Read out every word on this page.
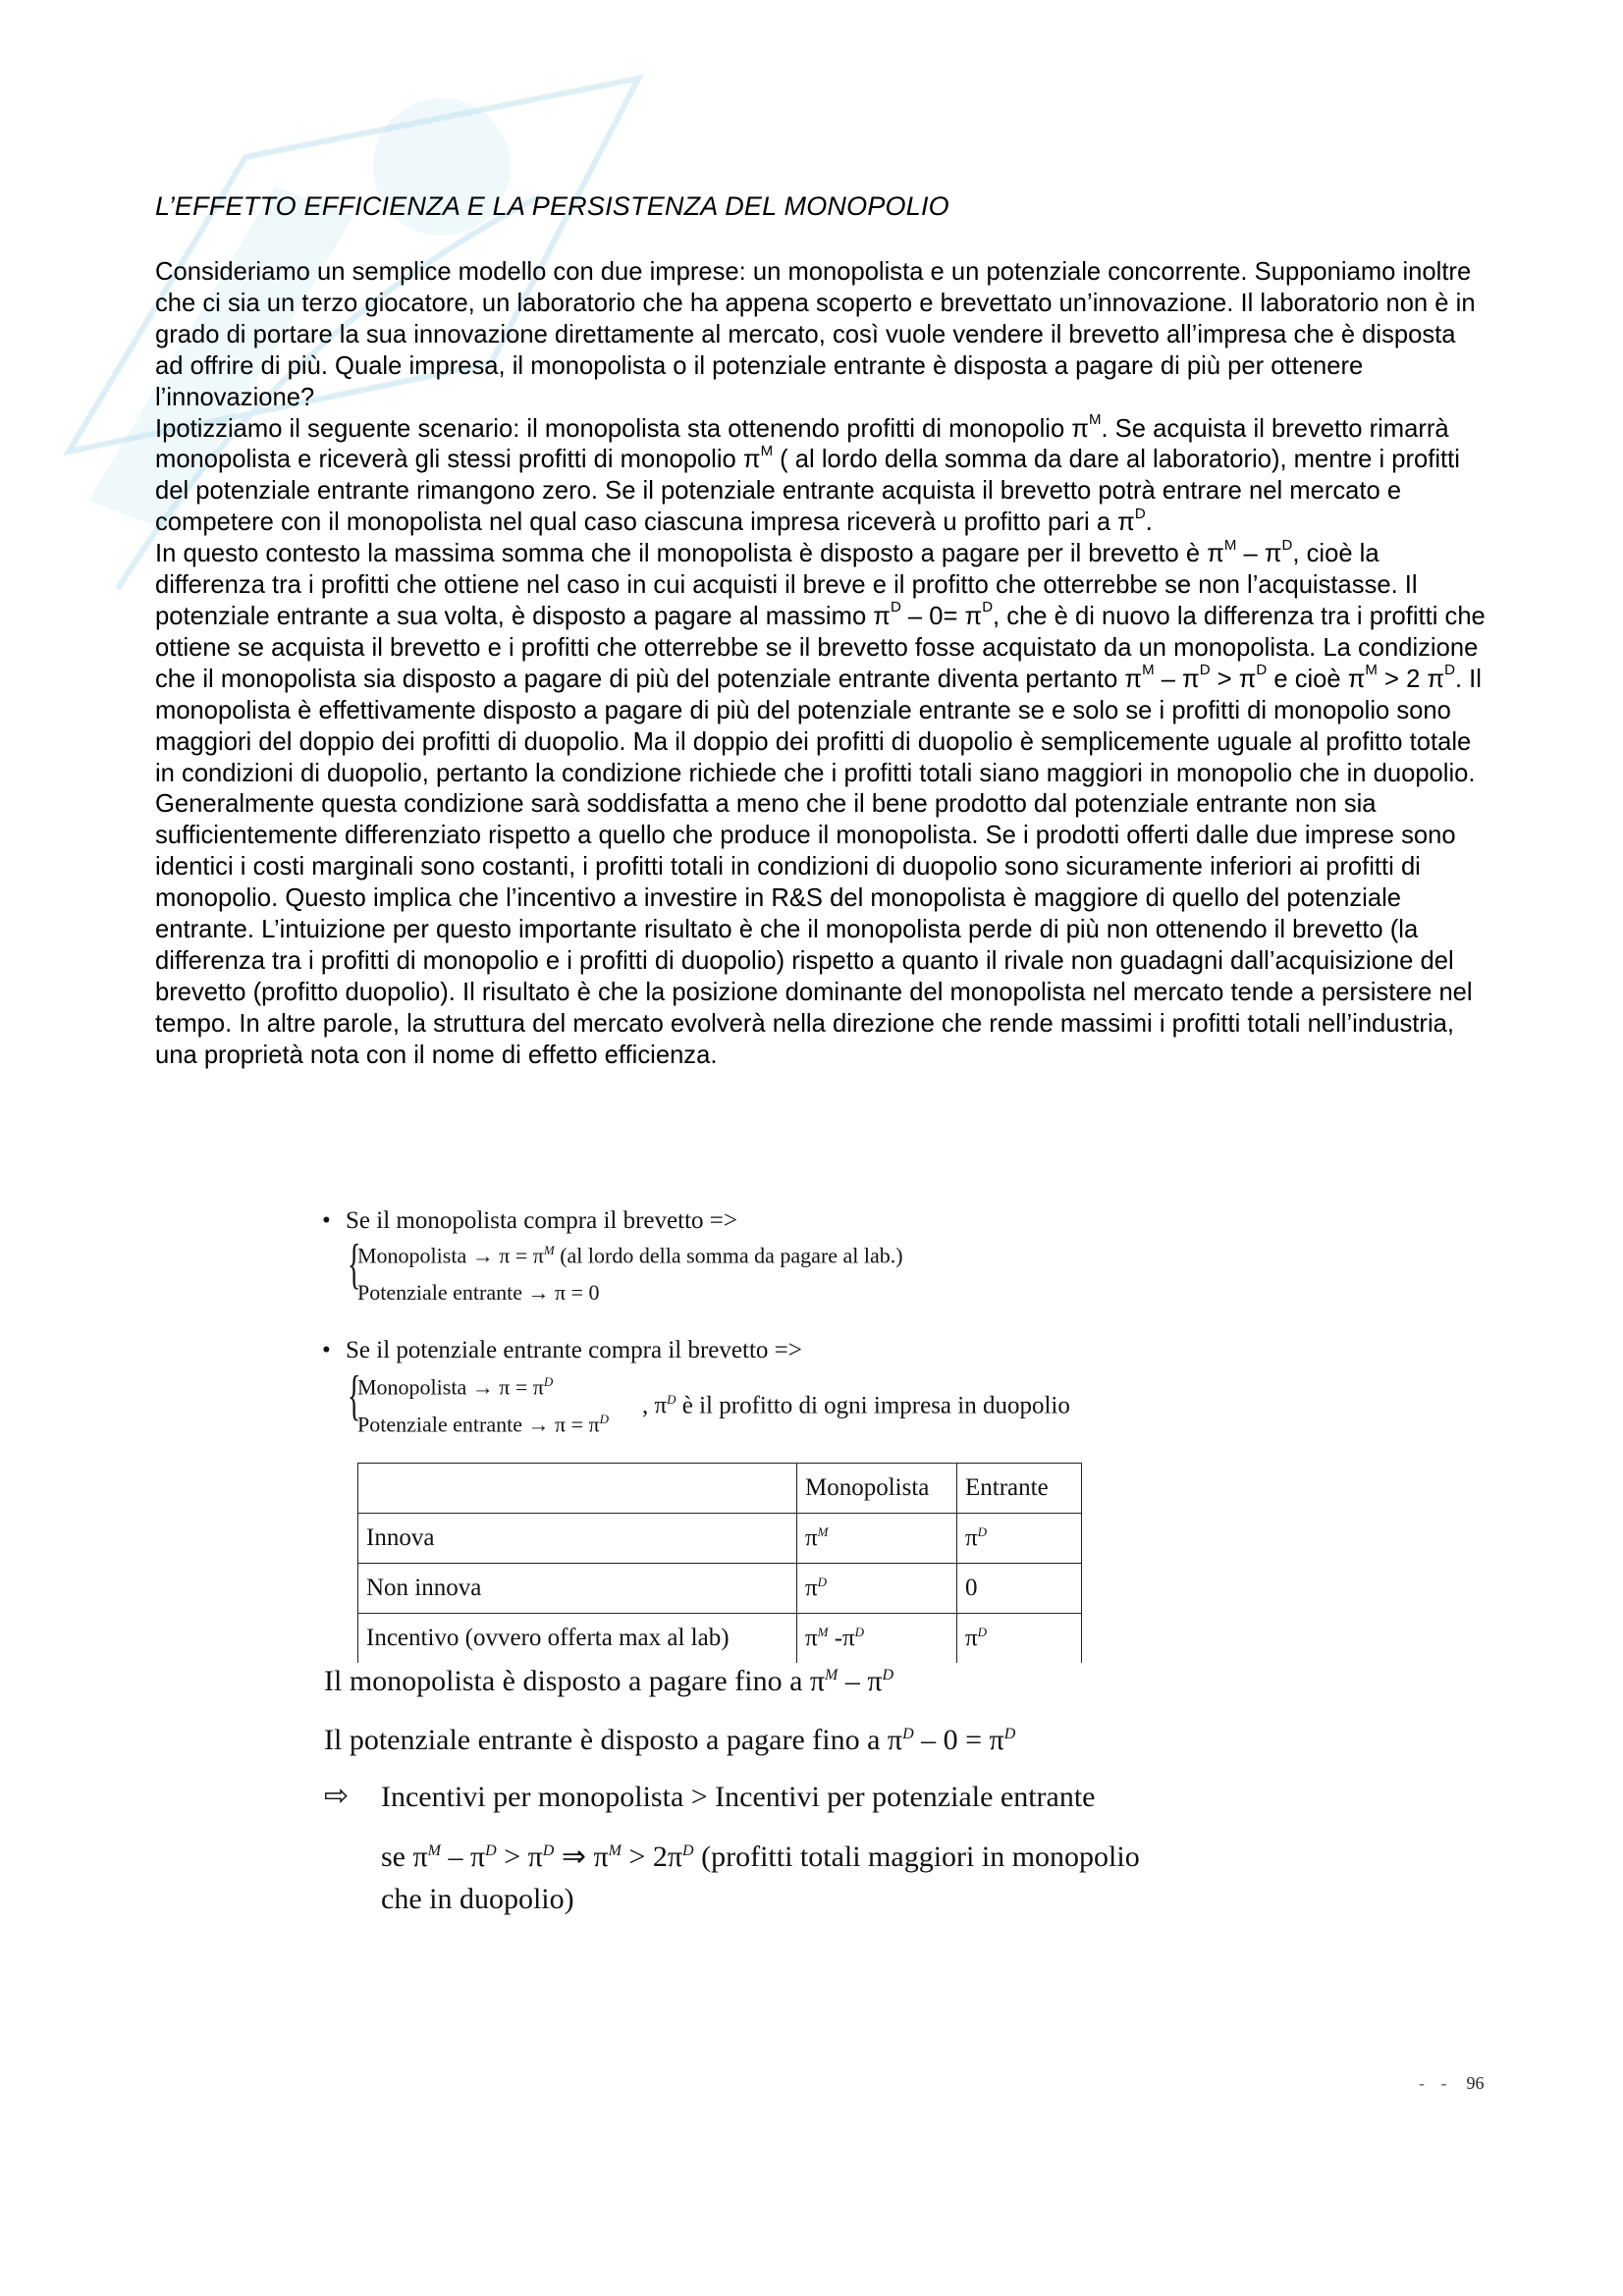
L’EFFETTO EFFICIENZA E LA PERSISTENZA DEL MONOPOLIO

Consideriamo un semplice modello con due imprese: un monopolista e un potenziale concorrente. Supponiamo inoltre che ci sia un terzo giocatore, un laboratorio che ha appena scoperto e brevettato un’innovazione. Il laboratorio non è in grado di portare la sua innovazione direttamente al mercato, così vuole vendere il brevetto all’impresa che è disposta ad offrire di più. Quale impresa, il monopolista o il potenziale entrante è disposta a pagare di più per ottenere l’innovazione?

Ipotizziamo il seguente scenario: il monopolista sta ottenendo profitti di monopolio $\pi^M$. Se acquista il brevetto rimarrà monopolista e riceverà gli stessi profitti di monopolio $\pi^M$ ( al lordo della somma da dare al laboratorio), mentre i profitti del potenziale entrante rimangono zero. Se il potenziale entrante acquista il brevetto potrà entrare nel mercato e competere con il monopolista nel qual caso ciascuna impresa riceverà u profitto pari a $\pi^D$.

In questo contesto la massima somma che il monopolista è disposto a pagare per il brevetto è $\pi^M - \pi^D$, cioè la differenza tra i profitti che ottiene nel caso in cui acquisti il breve e il profitto che otterrebbe se non l’acquistasse. Il potenziale entrante a sua volta, è disposto a pagare al massimo $\pi^D - 0= \pi^D$, che è di nuovo la differenza tra i profitti che ottiene se acquista il brevetto e i profitti che otterrebbe se il brevetto fosse acquistato da un monopolista. La condizione che il monopolista sia disposto a pagare di più del potenziale entrante diventa pertanto $\pi^M - \pi^D > \pi^D$ e cioè $\pi^M > 2$ $\pi^D$. Il monopolista è effettivamente disposto a pagare di più del potenziale entrante se e solo se i profitti di monopolio sono maggiori del doppio dei profitti di duopolio. Ma il doppio dei profitti di duopolio è semplicemente uguale al profitto totale in condizioni di duopolio, pertanto la condizione richiede che i profitti totali siano maggiori in monopolio che in duopolio. Generalmente questa condizione sarà soddisfatta a meno che il bene prodotto dal potenziale entrante non sia sufficientemente differenziato rispetto a quello che produce il monopolista. Se i prodotti offerti dalle due imprese sono identici i costi marginali sono costanti, i profitti totali in condizioni di duopolio sono sicuramente inferiori ai profitti di monopolio. Questo implica che l’incentivo a investire in R&S del monopolista è maggiore di quello del potenziale entrante. L’intuizione per questo importante risultato è che il monopolista perde di più non ottenendo il brevetto (la differenza tra i profitti di monopolio e i profitti di duopolio) rispetto a quanto il rivale non guadagni dall’acquisizione del brevetto (profitto duopolio). Il risultato è che la posizione dominante del monopolista nel mercato tende a persistere nel tempo. In altre parole, la struttura del mercato evolverà nella direzione che rende massimi i profitti totali nell’industria, una proprietà nota con il nome di effetto efficienza.

• Se il monopolista compra il brevetto =>
{
Monopolista → $\pi = \pi^M$ (al lordo della somma da pagare al lab.)
Potenziale entrante → π = 0
• Se il potenziale entrante compra il brevetto =>
{
Monopolista → $\pi = \pi^D$
Potenziale entrante → $\pi = \pi^D$
, $\pi^D$ è il profitto di ogni impresa in duopolio
	Monopolista	Entrante
Innova	$\pi^M$	$\pi^D$
Non innova	$\pi^D$	0
Incentivo (ovvero offerta max al lab)	$\pi^M$ $-\pi^D$	$\pi^D$
Il monopolista è disposto a pagare fino a $\pi^M - \pi^D$
Il potenziale entrante è disposto a pagare fino a $\pi^D - 0 = \pi^D$
⇨ Incentivi per monopolista > Incentivi per potenziale entrante
se $\pi^M - \pi^D > \pi^D$ ⇒ $\pi^M > 2\pi^D$ (profitti totali maggiori in monopolio
che in duopolio)
- - 96
